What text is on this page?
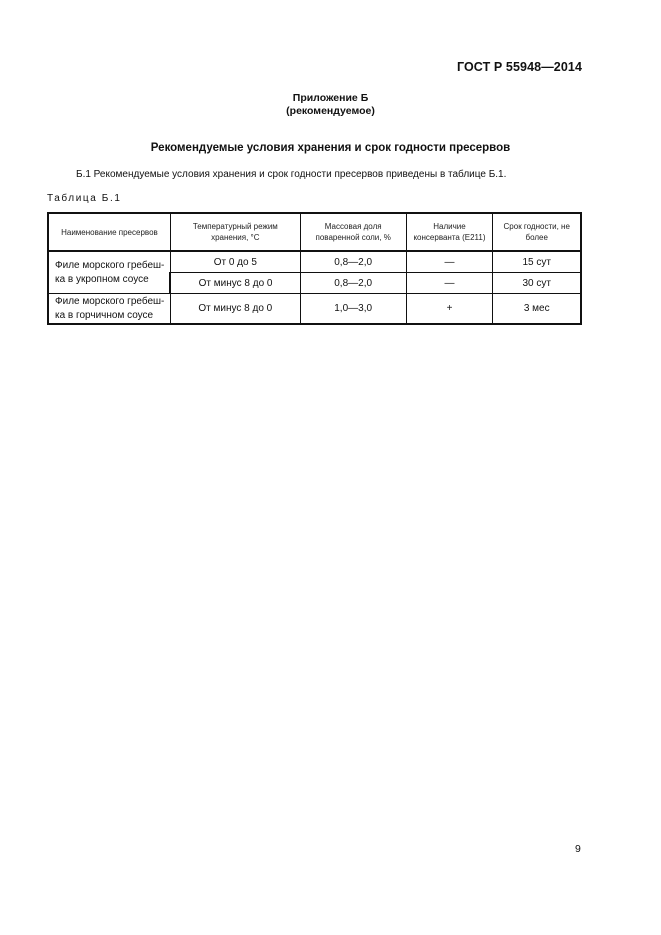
ГОСТ Р 55948—2014
Приложение Б
(рекомендуемое)
Рекомендуемые условия хранения и срок годности пресервов
Б.1 Рекомендуемые условия хранения и срок годности пресервов приведены в таблице Б.1.
Таблица Б.1
Наименование пресервов	Температурный режим хранения, °С	Массовая доля поваренной соли, %	Наличие консерванта (Е211)	Срок годности, не более

Филе морского гребеш-
ка в укропном соусе	От 0 до 5	0,8—2,0	—	15 сут
	От минус 8 до 0	0,8—2,0	—	30 сут

Филе морского гребеш-
ка в горчичном соусе	От минус 8 до 0	1,0—3,0	+	3 мес
9
